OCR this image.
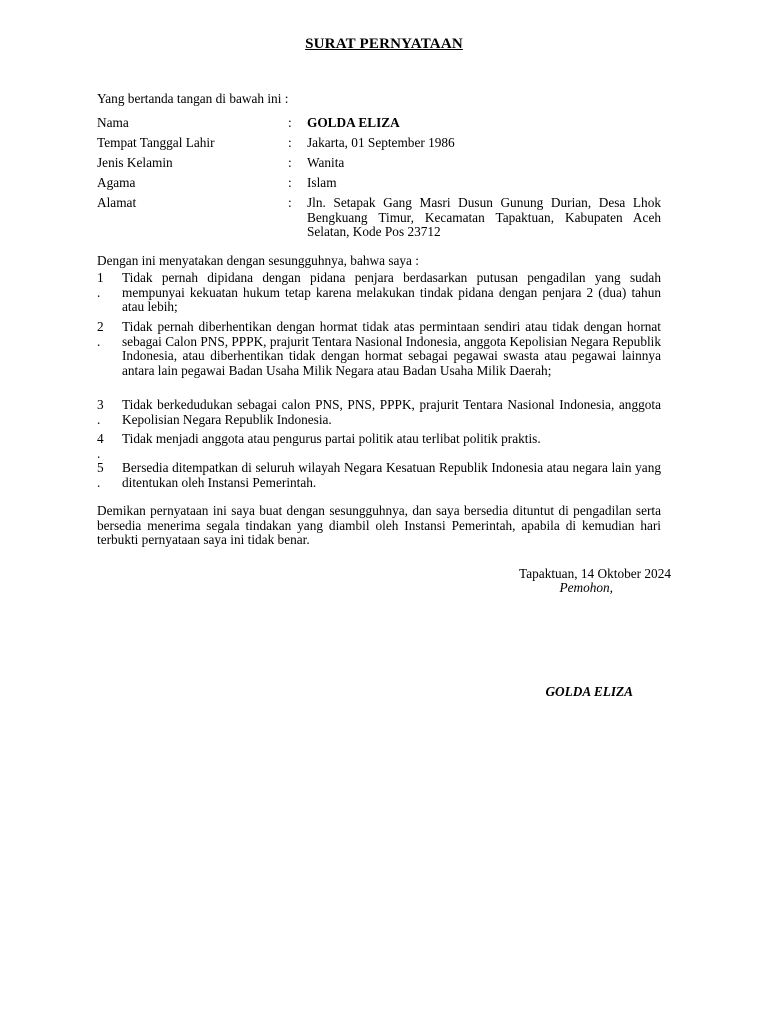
SURAT PERNYATAAN
Yang bertanda tangan di bawah ini :
Nama	: GOLDA ELIZA
Tempat Tanggal Lahir	: Jakarta, 01 September 1986
Jenis Kelamin	: Wanita
Agama	: Islam
Alamat	: Jln. Setapak Gang Masri Dusun Gunung Durian, Desa Lhok Bengkuang Timur, Kecamatan Tapaktuan, Kabupaten Aceh Selatan, Kode Pos 23712
Dengan ini menyatakan dengan sesungguhnya, bahwa saya :
1
.
Tidak pernah dipidana dengan pidana penjara berdasarkan putusan pengadilan yang sudah mempunyai kekuatan hukum tetap karena melakukan tindak pidana dengan penjara 2 (dua) tahun atau lebih;
2
.
Tidak pernah diberhentikan dengan hormat tidak atas permintaan sendiri atau tidak dengan hornat sebagai Calon PNS, PPPK, prajurit Tentara Nasional Indonesia, anggota Kepolisian Negara Republik Indonesia, atau diberhentikan tidak dengan hormat sebagai pegawai swasta atau pegawai lainnya antara lain pegawai Badan Usaha Milik Negara atau Badan Usaha Milik Daerah;
3
.
Tidak berkedudukan sebagai calon PNS, PNS, PPPK, prajurit Tentara Nasional Indonesia, anggota Kepolisian Negara Republik Indonesia.
4
.
Tidak menjadi anggota atau pengurus partai politik atau terlibat politik praktis.
5
.
Bersedia ditempatkan di seluruh wilayah Negara Kesatuan Republik Indonesia atau negara lain yang ditentukan oleh Instansi Pemerintah.
Demikan pernyataan ini saya buat dengan sesungguhnya, dan saya bersedia dituntut di pengadilan serta bersedia menerima segala tindakan yang diambil oleh Instansi Pemerintah, apabila di kemudian hari terbukti pernyataan saya ini tidak benar.
Tapaktuan, 14 Oktober 2024
Pemohon,
GOLDA ELIZA
